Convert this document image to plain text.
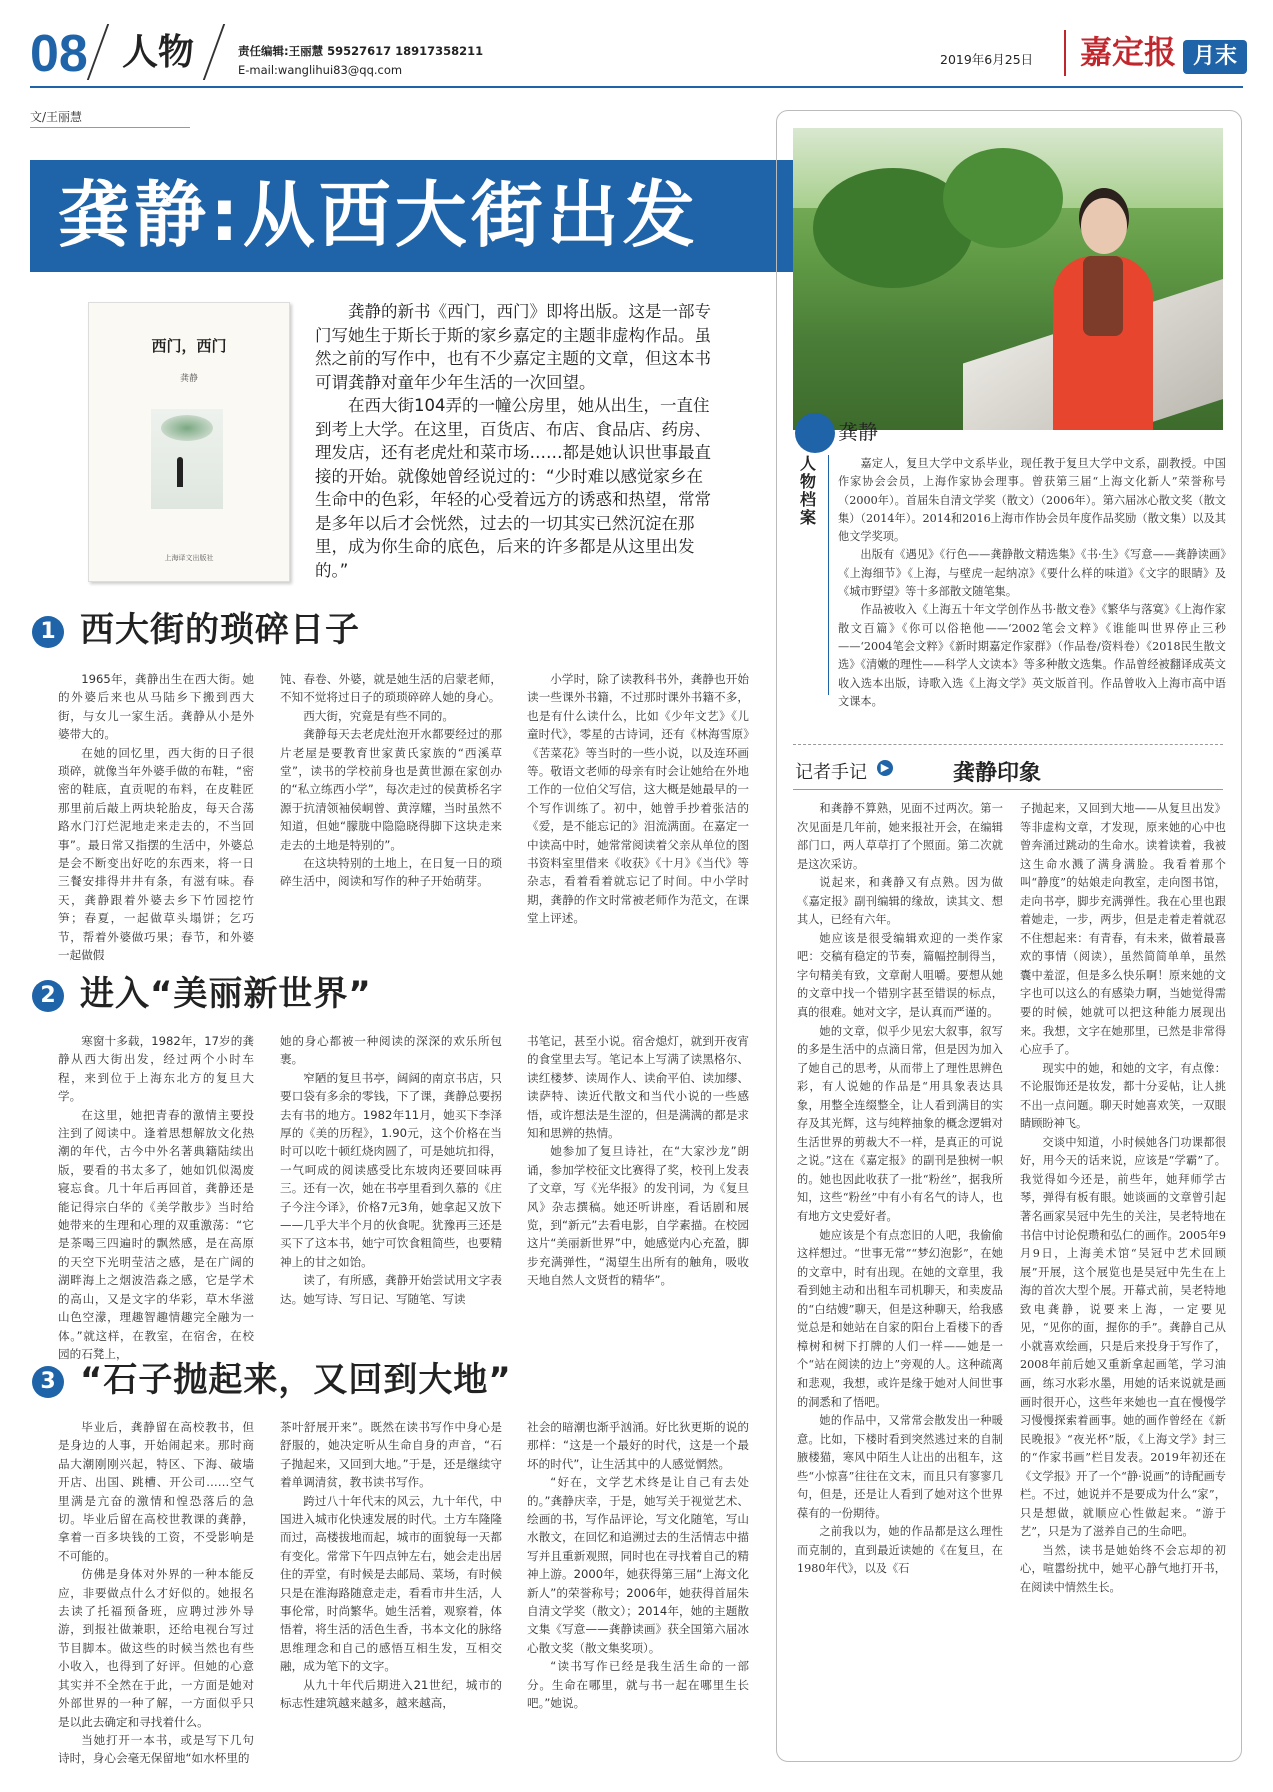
08 人物	责任编辑:王丽慧 59527617 18917358211
E-mail:wanglihui83@qq.com
2019年6月25日 嘉定报 月末
文/王丽慧
龚静:从西大街出发
西门，西门
龚静
上海译文出版社

龚静的新书《西门，西门》即将出版。这是一部专门写她生于斯长于斯的家乡嘉定的主题非虚构作品。虽然之前的写作中，也有不少嘉定主题的文章，但这本书可谓龚静对童年少年生活的一次回望。

在西大街104弄的一幢公房里，她从出生，一直住到考上大学。在这里，百货店、布店、食品店、药房、理发店，还有老虎灶和菜市场……都是她认识世事最直接的开始。就像她曾经说过的：“少时难以感觉家乡在生命中的色彩，年轻的心受着远方的诱惑和热望，常常是多年以后才会恍然，过去的一切其实已然沉淀在那里，成为你生命的底色，后来的许多都是从这里出发的。”

1 西大街的琐碎日子

1965年，龚静出生在西大街。她的外婆后来也从马陆乡下搬到西大街，与女儿一家生活。龚静从小是外婆带大的。

在她的回忆里，西大街的日子很琐碎，就像当年外婆手做的布鞋，“密密的鞋底，直贡呢的布料，在皮鞋匠那里前后敲上两块轮胎皮，每天合荡路水门汀烂泥地走来走去的，不当回事”。最日常又指摆的生活中，外婆总是会不断变出好吃的东西来，将一日三餐安排得井井有条，有滋有味。春天，龚静跟着外婆去乡下竹园挖竹笋；春夏，一起做草头塌饼；乞巧节，帮着外婆做巧果；春节，和外婆一起做假

饨、春卷、外婆，就是她生活的启蒙老师，不知不觉将过日子的琐琐碎碎人她的身心。

西大街，究竟是有些不同的。

龚静每天去老虎灶泡开水都要经过的那片老屋是要教育世家黄氏家族的“西溪草堂”，读书的学校前身也是黄世源在家创办的“私立练西小学”，每次走过的侯黄桥名字源于抗清领袖侯峒曾、黄淳耀，当时虽然不知道，但她“朦胧中隐隐晓得脚下这块走来走去的土地是特别的”。

在这块特别的土地上，在日复一日的琐碎生活中，阅读和写作的种子开始萌芽。

小学时，除了读教科书外，龚静也开始读一些课外书籍，不过那时课外书籍不多，也是有什么读什么，比如《少年文艺》《儿童时代》，零星的古诗词，还有《林海雪原》《苦菜花》等当时的一些小说，以及连环画等。敬语文老师的母亲有时会让她给在外地工作的一位伯父写信，这大概是她最早的一个写作训练了。初中，她曾手抄着张洁的《爱，是不能忘记的》泪流满面。在嘉定一中读高中时，她常常阅读着父亲从单位的图书资料室里借来《收获》《十月》《当代》等杂志，看着看着就忘记了时间。中小学时期，龚静的作文时常被老师作为范文，在课堂上评述。

2 进入“美丽新世界”

寒窗十多载，1982年，17岁的龚静从西大街出发，经过两个小时车程，来到位于上海东北方的复旦大学。

在这里，她把青春的激情主要投注到了阅读中。逢着思想解放文化热潮的年代，古今中外名著典籍陆续出版，要看的书太多了，她如饥似渴废寝忘食。几十年后再回首，龚静还是能记得宗白华的《美学散步》当时给她带来的生理和心理的双重激荡：“它是茶喝三四遍时的飘然感，是在高原的天空下光明莹洁之感，是在广阔的湖畔海上之烟波浩淼之感，它是学术的高山，又是文字的华彩，草木华滋山色空濛，理趣智趣情趣完全融为一体。”就这样，在教室，在宿舍，在校园的石凳上，

她的身心都被一种阅读的深深的欢乐所包裹。

窄陋的复旦书亭，阔阔的南京书店，只要口袋有多余的零钱，下了课，龚静总要拐去有书的地方。1982年11月，她买下李泽厚的《美的历程》，1.90元，这个价格在当时可以吃十顿红烧肉圆了，可是她坑扣得，一气呵成的阅读感受比东坡肉还要回味再三。还有一次，她在书亭里看到久慕的《庄子今注今译》，价格7元3角，她拿起又放下——几乎大半个月的伙食呢。犹豫再三还是买下了这本书，她宁可饮食粗简些，也要精神上的甘之如饴。

读了，有所感，龚静开始尝试用文字表达。她写诗、写日记、写随笔、写读

书笔记，甚至小说。宿舍熄灯，就到开夜宵的食堂里去写。笔记本上写满了读黑格尔、读红楼梦、读周作人、读俞平伯、读加缪、读萨特、读近代散文和当代小说的一些感悟，或许想法是生涩的，但是满满的都是求知和思辨的热情。

她参加了复旦诗社，在“大家沙龙”朗诵，参加学校征文比赛得了奖，校刊上发表了文章，写《光华报》的发刊词，为《复旦风》杂志撰稿。她还听讲座，看话剧和展览，到“新元”去看电影，自学素描。在校园这片“美丽新世界”中，她感觉内心充盈，脚步充满弹性，“渴望生出所有的触角，吸收天地自然人文贤哲的精华”。

3 “石子抛起来，又回到大地”

毕业后，龚静留在高校教书，但是身边的人事，开始闹起来。那时商品大潮刚刚兴起，特区、下海、破墙开店、出国、跳槽、开公司……空气里满是亢奋的激情和惶恐落后的急切。毕业后留在高校世教课的龚静，拿着一百多块钱的工资，不受影响是不可能的。

仿佛是身体对外界的一种本能反应，非要做点什么才好似的。她报名去读了托福预备班，应聘过涉外导游，到报社做兼职，还给电视台写过节目脚本。做这些的时候当然也有些小收入，也得到了好评。但她的心意其实并不全然在于此，一方面是她对外部世界的一种了解，一方面似乎只是以此去确定和寻找着什么。

当她打开一本书，或是写下几句诗时，身心会毫无保留地“如水杯里的

茶叶舒展开来”。既然在读书写作中身心是舒服的，她决定听从生命自身的声音，“石子抛起来，又回到大地。”于是，还是继续守着单调清贫，教书读书写作。

跨过八十年代末的风云，九十年代，中国进入城市化快速发展的时代。土方车隆隆而过，高楼拔地而起，城市的面貌每一天都有变化。常常下午四点钟左右，她会走出居住的弄堂，有时候是去邮局、菜场，有时候只是在淮海路随意走走，看看市井生活，人事伦常，时尚繁华。她生活着，观察着，体悟着，将生活的活色生香，书本文化的脉络思维理念和自己的感悟互相生发，互相交融，成为笔下的文字。

从九十年代后期进入21世纪，城市的标志性建筑越来越多，越来越高，

社会的暗潮也渐乎汹涌。好比狄更斯的说的那样：“这是一个最好的时代，这是一个最坏的时代”，让生活其中的人感觉惘然。

“好在，文学艺术终是让自己有去处的。”龚静庆幸，于是，她写关于视觉艺术、绘画的书，写作品评论，写文化随笔，写山水散文，在回忆和追溯过去的生活情志中描写并且重新观照，同时也在寻找着自己的精神上游。2000年，她获得第三届“上海文化新人”的荣誉称号；2006年，她获得首届朱自清文学奖（散文）；2014年，她的主题散文集《写意——龚静读画》获全国第六届冰心散文奖（散文集奖项）。

“读书写作已经是我生活生命的一部分。生命在哪里，就与书一起在哪里生长吧。”她说。

龚静
人物档案

嘉定人，复旦大学中文系毕业，现任教于复旦大学中文系，副教授。中国作家协会会员，上海作家协会理事。曾获第三届“上海文化新人”荣誉称号（2000年）。首届朱自清文学奖（散文）（2006年）。第六届冰心散文奖（散文集）（2014年）。2014和2016上海市作协会员年度作品奖励（散文集）以及其他文学奖项。

出版有《遇见》《行色——龚静散文精选集》《书·生》《写意——龚静读画》《上海细节》《上海，与壁虎一起纳凉》《要什么样的味道》《文字的眼睛》及《城市野望》等十多部散文随笔集。

作品被收入《上海五十年文学创作丛书·散文卷》《繁华与落寞》《上海作家散文百篇》《你可以俗艳他——‘2002笔会文粹》《谁能叫世界停止三秒——‘2004笔会文粹》《新时期嘉定作家群》（作品卷/资料卷）《2018民生散文选》《清嫩的理性——科学人文读本》等多种散文选集。作品曾经被翻译成英文收入选本出版，诗歌入选《上海文学》英文版首刊。作品曾收入上海市高中语文课本。

记者手记	▶	龚静印象

和龚静不算熟，见面不过两次。第一次见面是几年前，她来报社开会，在编辑部门口，两人草草打了个照面。第二次就是这次采访。

说起来，和龚静又有点熟。因为做《嘉定报》副刊编辑的缘故，读其文、想其人，已经有六年。

她应该是很受编辑欢迎的一类作家吧：交稿有稳定的节奏，篇幅控制得当，字句精美有致，文章耐人咀嚼。要想从她的文章中找一个错别字甚至错误的标点，真的很难。她对文字，是认真而严谨的。

她的文章，似乎少见宏大叙事，叙写的多是生活中的点滴日常，但是因为加入了她自己的思考，从而带上了理性思辨色彩，有人说她的作品是“用具象表达具象，用整全连缀整全，让人看到满目的实存及其光辉，这与纯粹抽象的概念逻辑对生活世界的剪裁大不一样，是真正的可说之说。”这在《嘉定报》的副刊是独树一帜的。她也因此收获了一批“粉丝”，据我所知，这些“粉丝”中有小有名气的诗人，也有地方文史爱好者。

她应该是个有点恋旧的人吧，我偷偷这样想过。“世事无常”“梦幻泡影”，在她的文章中，时有出现。在她的文章里，我看到她主动和出租车司机聊天，和卖废品的“白结嫂”聊天，但是这种聊天，给我感觉总是和她站在自家的阳台上看楼下的香樟树和树下打牌的人们一样——她是一个“站在阅读的边上”旁观的人。这种疏离和悲观，我想，或许是缘于她对人间世事的洞悉和了悟吧。

她的作品中，又常常会散发出一种暖意。比如，下楼时看到突然逃过来的自制腋楼猫，寒风中陌生人让出的出租车，这些“小惊喜”往往在文末，而且只有寥寥几句，但是，还是让人看到了她对这个世界葆有的一份期待。

之前我以为，她的作品都是这么理性而克制的，直到最近读她的《在复旦，在1980年代》，以及《石

子抛起来，又回到大地——从复旦出发》等非虚构文章，才发现，原来她的心中也曾奔涌过跳动的生命水。读着读着，我被这生命水溅了满身满脸。我看着那个叫“静度”的姑娘走向教室，走向图书馆，走向书亭，脚步充满弹性。我在心里也跟着她走，一步，两步，但是走着走着就忍不住想起来：有青春，有未来，做着最喜欢的事情（阅读），虽然简简单单，虽然囊中羞涩，但是多么快乐啊！原来她的文字也可以这么的有感染力啊，当她觉得需要的时候，她就可以把这种能力展现出来。我想，文字在她那里，已然是非常得心应手了。

现实中的她，和她的文字，有点像：不论服饰还是妆发，都十分妥帖，让人挑不出一点问题。聊天时她喜欢笑，一双眼睛顾盼神飞。

交谈中知道，小时候她各门功课都很好，用今天的话来说，应该是“学霸”了。我觉得如今还是，前些年，她拜师学古琴，弹得有板有眼。她谈画的文章曾引起著名画家吴冠中先生的关注，吴老特地在书信中讨论倪瓒和弘仁的画作。2005年9月9日，上海美术馆“吴冠中艺术回顾展”开展，这个展览也是吴冠中先生在上海的首次大型个展。开幕式前，吴老特地致电龚静，说要来上海，一定要见见，“见你的面，握你的手”。龚静自己从小就喜欢绘画，只是后来投身于写作了，2008年前后她又重新拿起画笔，学习油画，练习水彩水墨，用她的话来说就是画画时很开心，这些年来她也一直在慢慢学习慢慢探索着画事。她的画作曾经在《新民晚报》“夜光杯”版，《上海文学》封三的“作家书画”栏目发表。2019年初还在《文学报》开了一个“静·说画”的诗配画专栏。不过，她说并不是要成为什么“家”，只是想做，就顺应心性做起来。“游于艺”，只是为了滋养自己的生命吧。

当然，读书是她始终不会忘却的初心，喧嚣纷扰中，她平心静气地打开书，在阅读中情然生长。
